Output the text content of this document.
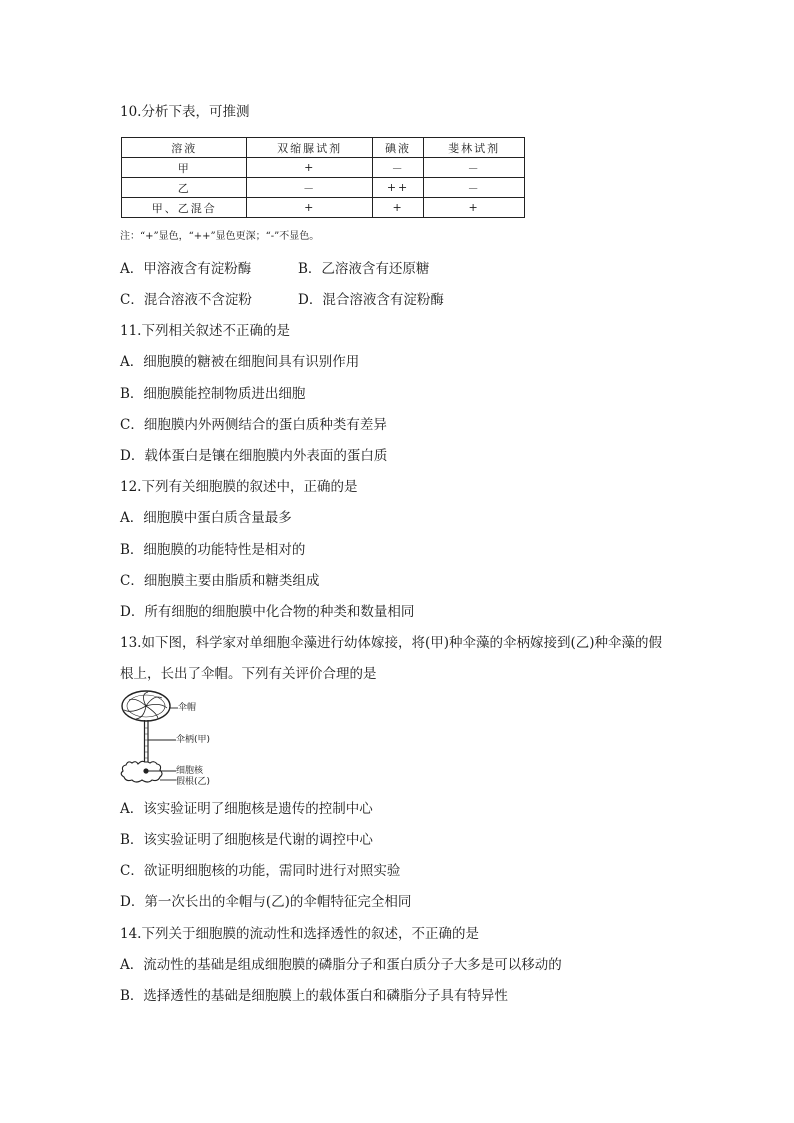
10.分析下表，可推测
溶液	双缩脲试剂	碘液	斐林试剂
甲	+	－	－
乙	－	++	－
甲、乙混合	+	+	+
注：“+”显色，“++”显色更深；“-”不显色。
A．甲溶液含有淀粉酶	B．乙溶液含有还原糖
C．混合溶液不含淀粉	D．混合溶液含有淀粉酶
11.下列相关叙述不正确的是
A．细胞膜的糖被在细胞间具有识别作用
B．细胞膜能控制物质进出细胞
C．细胞膜内外两侧结合的蛋白质种类有差异
D．载体蛋白是镶在细胞膜内外表面的蛋白质
12.下列有关细胞膜的叙述中，正确的是
A．细胞膜中蛋白质含量最多
B．细胞膜的功能特性是相对的
C．细胞膜主要由脂质和糖类组成
D．所有细胞的细胞膜中化合物的种类和数量相同
13.如下图，科学家对单细胞伞藻进行幼体嫁接，将(甲)种伞藻的伞柄嫁接到(乙)种伞藻的假
根上，长出了伞帽。下列有关评价合理的是
伞帽
伞柄(甲)
细胞核
假根(乙)
A．该实验证明了细胞核是遗传的控制中心
B．该实验证明了细胞核是代谢的调控中心
C．欲证明细胞核的功能，需同时进行对照实验
D．第一次长出的伞帽与(乙)的伞帽特征完全相同
14.下列关于细胞膜的流动性和选择透性的叙述，不正确的是
A．流动性的基础是组成细胞膜的磷脂分子和蛋白质分子大多是可以移动的
B．选择透性的基础是细胞膜上的载体蛋白和磷脂分子具有特异性
